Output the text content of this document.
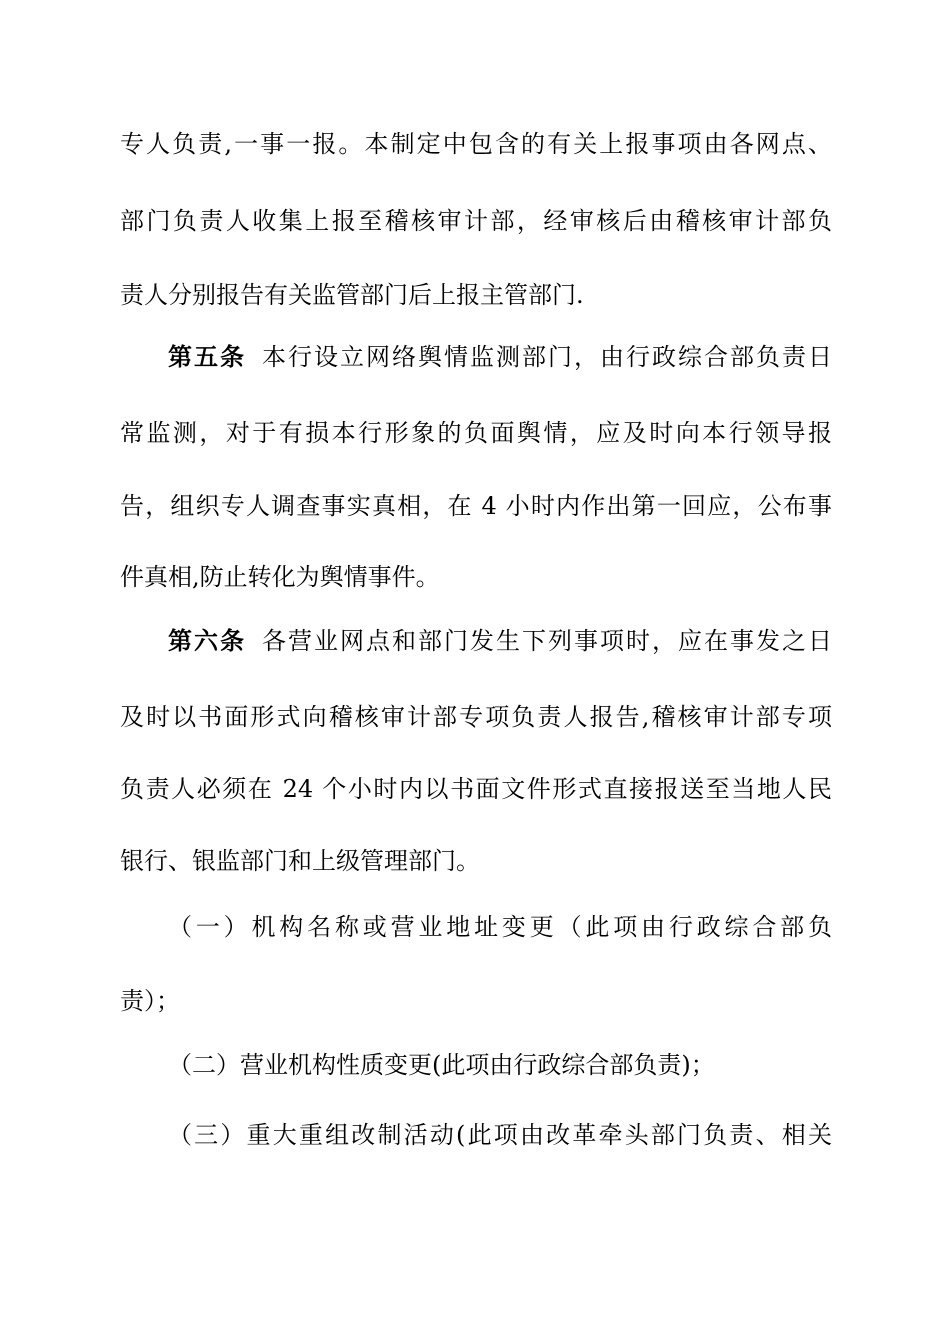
专人负责,一事一报。本制定中包含的有关上报事项由各网点、
部门负责人收集上报至稽核审计部，经审核后由稽核审计部负
责人分别报告有关监管部门后上报主管部门.
第五条 本行设立网络舆情监测部门，由行政综合部负责日
常监测，对于有损本行形象的负面舆情，应及时向本行领导报
告，组织专人调查事实真相，在 4 小时内作出第一回应，公布事
件真相,防止转化为舆情事件。
第六条 各营业网点和部门发生下列事项时，应在事发之日
及时以书面形式向稽核审计部专项负责人报告,稽核审计部专项
负责人必须在 24 个小时内以书面文件形式直接报送至当地人民
银行、银监部门和上级管理部门。
（一）机构名称或营业地址变更（此项由行政综合部负
责）；
（二）营业机构性质变更(此项由行政综合部负责)；
（三）重大重组改制活动(此项由改革牵头部门负责、相关
